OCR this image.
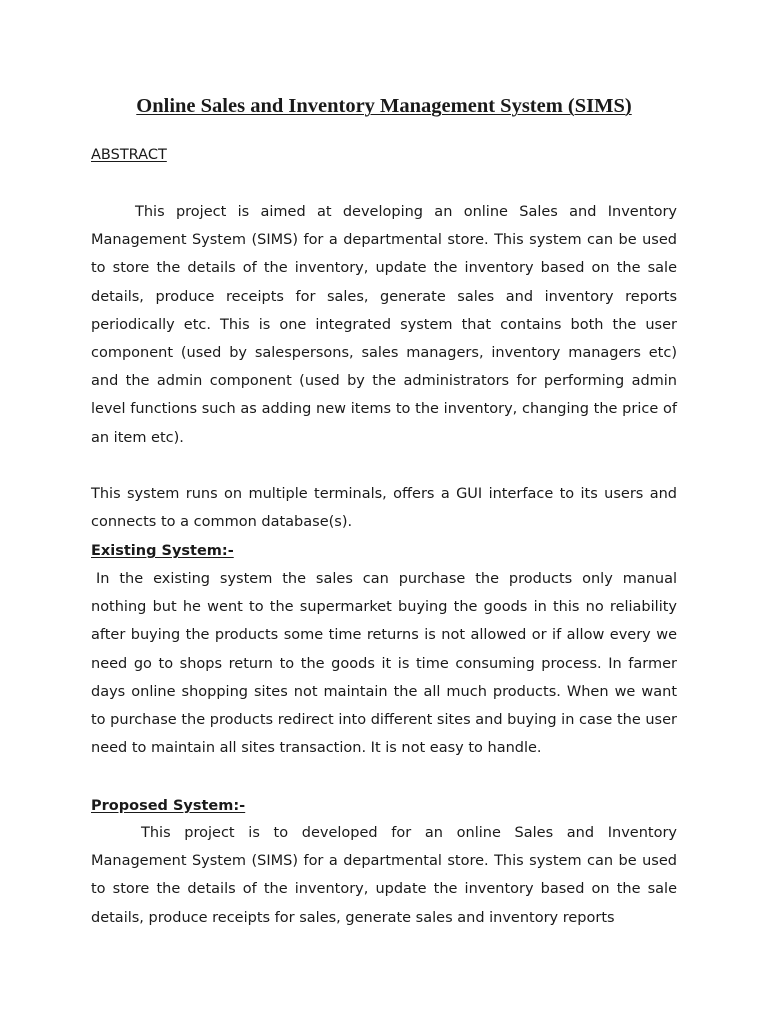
Online Sales and Inventory Management System (SIMS)
ABSTRACT

This project is aimed at developing an online Sales and Inventory Management System (SIMS) for a departmental store. This system can be used to store the details of the inventory, update the inventory based on the sale details, produce receipts for sales, generate sales and inventory reports periodically etc. This is one integrated system that contains both the user component (used by salespersons, sales managers, inventory managers etc) and the admin component (used by the administrators for performing admin level functions such as adding new items to the inventory, changing the price of an item etc).

This system runs on multiple terminals, offers a GUI interface to its users and connects to a common database(s).

Existing System:-

In the existing system the sales can purchase the products only manual nothing but he went to the supermarket buying the goods in this no reliability after buying the products some time returns is not allowed or if allow every we need go to shops return to the goods it is time consuming process. In farmer days online shopping sites not maintain the all much products. When we want to purchase the products redirect into different sites and buying in case the user need to maintain all sites transaction. It is not easy to handle.

Proposed System:-

This project is to developed for an online Sales and Inventory Management System (SIMS) for a departmental store. This system can be used to store the details of the inventory, update the inventory based on the sale details, produce receipts for sales, generate sales and inventory reports
